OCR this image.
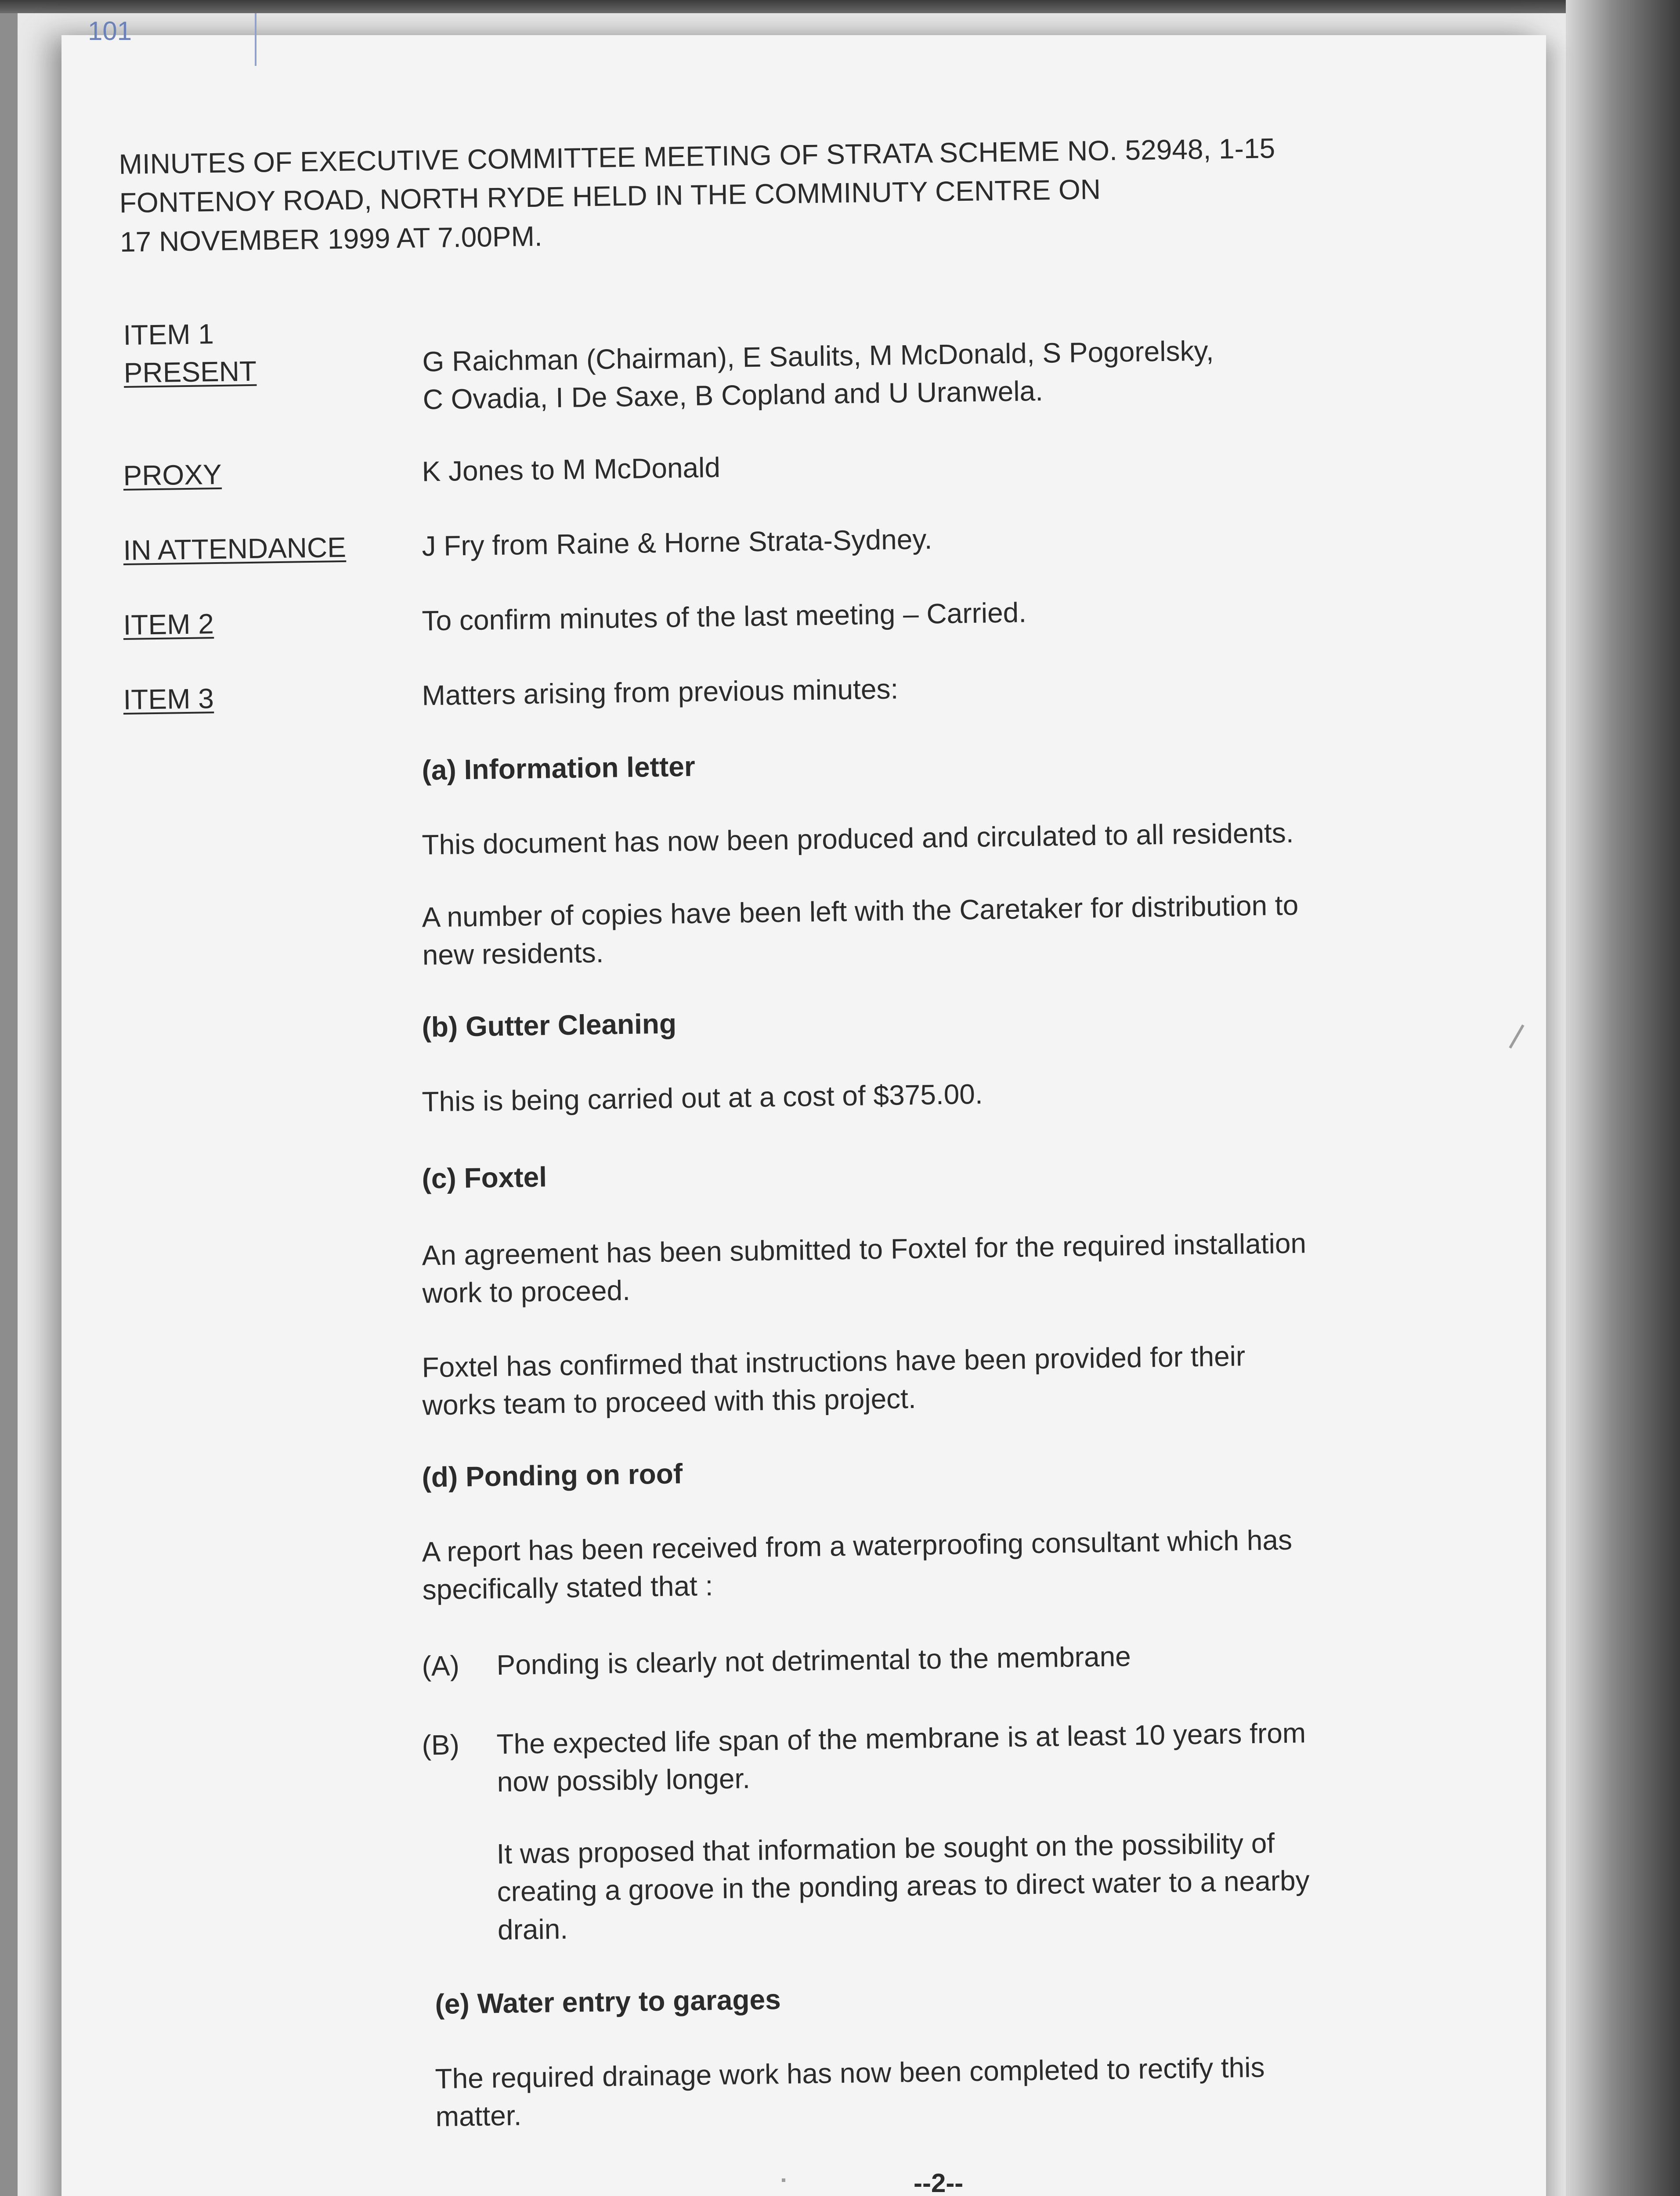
101
MINUTES OF EXECUTIVE COMMITTEE MEETING OF STRATA SCHEME NO. 52948, 1-15
FONTENOY ROAD, NORTH RYDE HELD IN THE COMMINUTY CENTRE ON
17 NOVEMBER 1999 AT 7.00PM.
ITEM 1
PRESENT	G Raichman (Chairman), E Saulits, M McDonald, S Pogorelsky,
C Ovadia, I De Saxe, B Copland and U Uranwela.
PROXY	K Jones to M McDonald
IN ATTENDANCE	J Fry from Raine & Horne Strata-Sydney.
ITEM 2	To confirm minutes of the last meeting – Carried.
ITEM 3	Matters arising from previous minutes:
(a) Information letter
This document has now been produced and circulated to all residents.
A number of copies have been left with the Caretaker for distribution to
new residents.
(b) Gutter Cleaning
This is being carried out at a cost of $375.00.
(c) Foxtel
An agreement has been submitted to Foxtel for the required installation
work to proceed.
Foxtel has confirmed that instructions have been provided for their
works team to proceed with this project.
(d) Ponding on roof
A report has been received from a waterproofing consultant which has
specifically stated that :
(A) Ponding is clearly not detrimental to the membrane
(B) The expected life span of the membrane is at least 10 years from
now possibly longer.
It was proposed that information be sought on the possibility of
creating a groove in the ponding areas to direct water to a nearby
drain.
(e) Water entry to garages
The required drainage work has now been completed to rectify this
matter.
--2--
